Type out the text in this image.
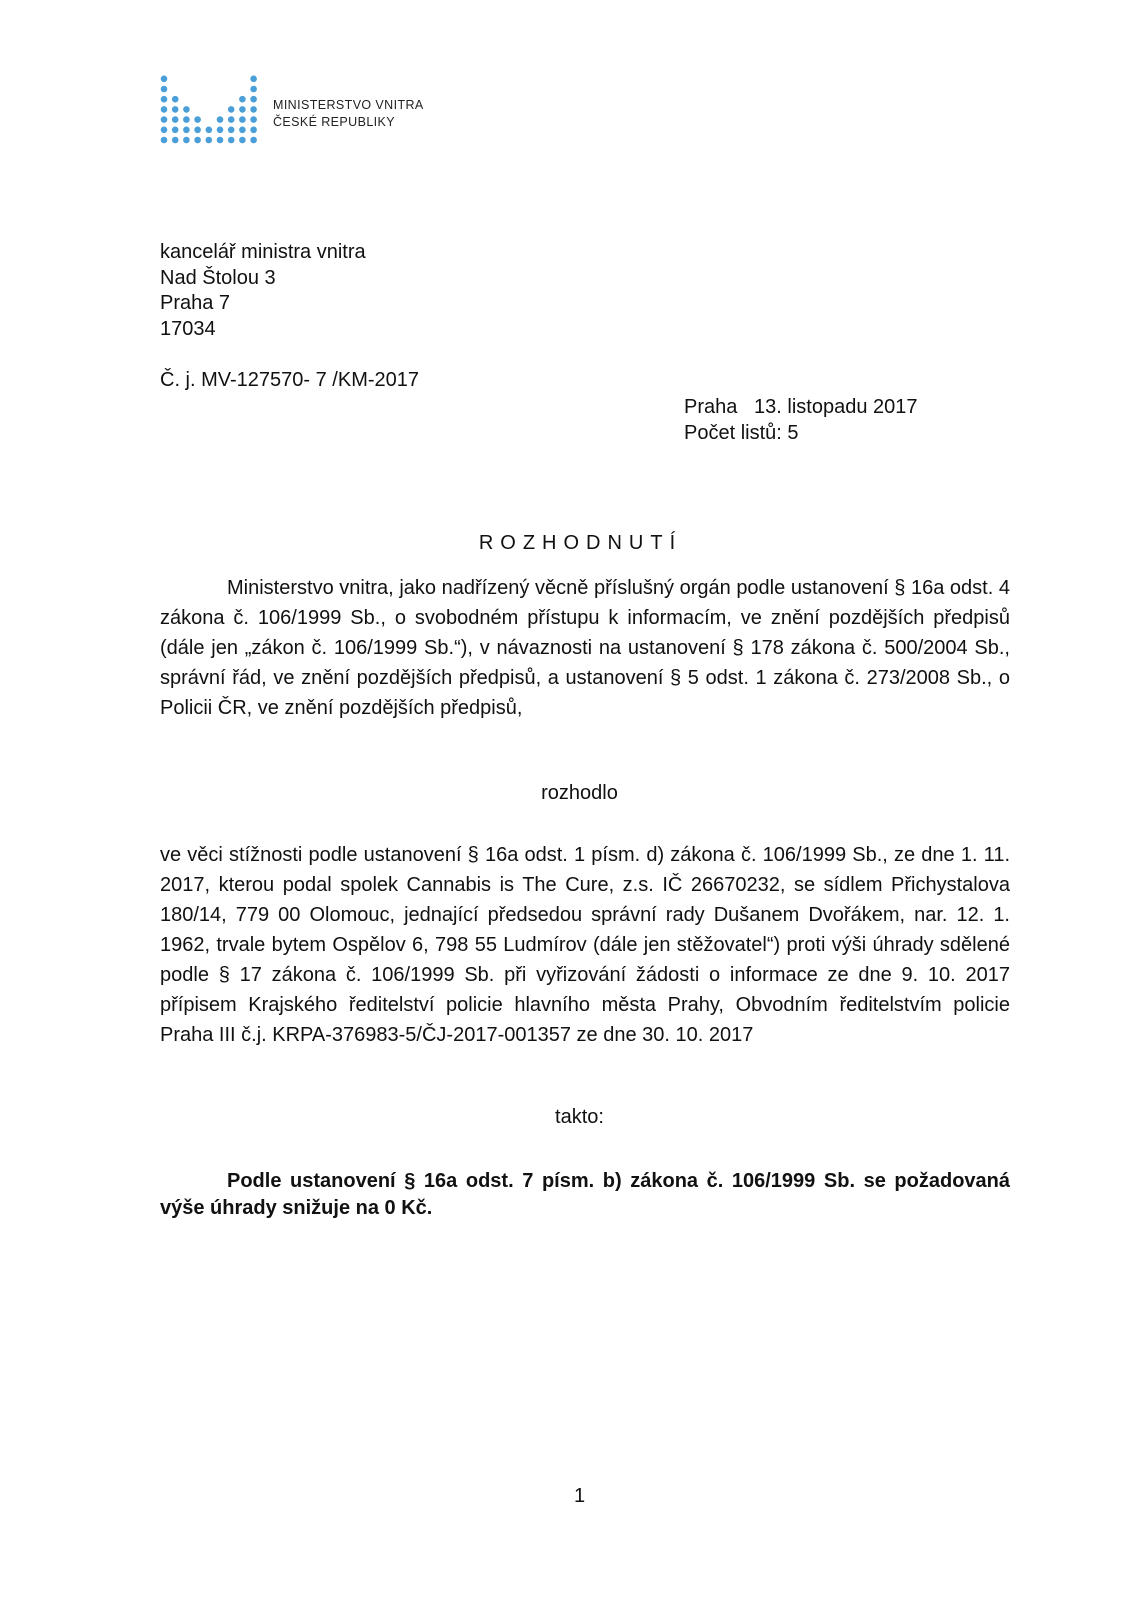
MINISTERSTVO VNITRA
ČESKÉ REPUBLIKY
kancelář ministra vnitra
Nad Štolou 3
Praha 7
17034
Č. j. MV-127570- 7 /KM-2017
Praha   13. listopadu 2017
Počet listů: 5
ROZHODNUTÍ
Ministerstvo vnitra, jako nadřízený věcně příslušný orgán podle ustanovení § 16a odst. 4 zákona č. 106/1999 Sb., o svobodném přístupu k informacím, ve znění pozdějších předpisů (dále jen „zákon č. 106/1999 Sb.“), v návaznosti na ustanovení § 178 zákona č. 500/2004 Sb., správní řád, ve znění pozdějších předpisů, a ustanovení § 5 odst. 1 zákona č. 273/2008 Sb., o Policii ČR, ve znění pozdějších předpisů,
rozhodlo
ve věci stížnosti podle ustanovení § 16a odst. 1 písm. d) zákona č. 106/1999 Sb., ze dne 1. 11. 2017, kterou podal spolek Cannabis is The Cure, z.s. IČ 26670232, se sídlem Přichystalova 180/14, 779 00 Olomouc, jednající předsedou správní rady Dušanem Dvořákem, nar. 12. 1. 1962, trvale bytem Ospělov 6, 798 55 Ludmírov (dále jen stěžovatel“) proti výši úhrady sdělené podle § 17 zákona č. 106/1999 Sb. při vyřizování žádosti o informace ze dne 9. 10. 2017 přípisem Krajského ředitelství policie hlavního města Prahy, Obvodním ředitelstvím policie Praha III č.j. KRPA-376983-5/ČJ-2017-001357 ze dne 30. 10. 2017
takto:
Podle ustanovení § 16a odst. 7 písm. b) zákona č. 106/1999 Sb. se požadovaná výše úhrady snižuje na 0 Kč.
1
